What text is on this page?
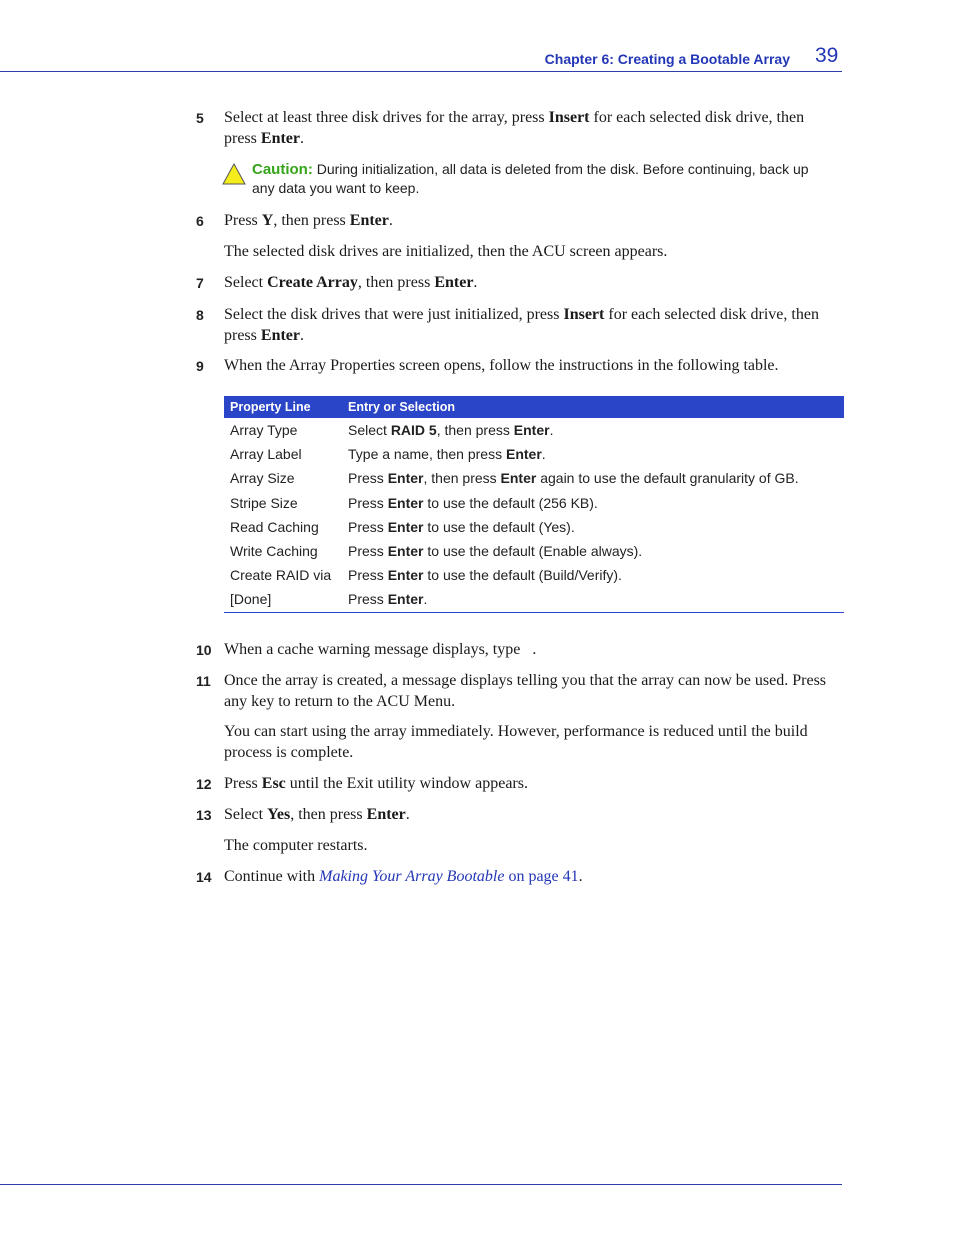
Chapter 6: Creating a Bootable Array 39
5 Select at least three disk drives for the array, press Insert for each selected disk drive, then press Enter.
Caution: During initialization, all data is deleted from the disk. Before continuing, back up any data you want to keep.
6 Press Y, then press Enter.
The selected disk drives are initialized, then the ACU screen appears.
7 Select Create Array, then press Enter.
8 Select the disk drives that were just initialized, press Insert for each selected disk drive, then press Enter.
9 When the Array Properties screen opens, follow the instructions in the following table.
Property Line	Entry or Selection
Array Type	Select RAID 5, then press Enter.
Array Label	Type a name, then press Enter.
Array Size	Press Enter, then press Enter again to use the default granularity of GB.
Stripe Size	Press Enter to use the default (256 KB).
Read Caching	Press Enter to use the default (Yes).
Write Caching	Press Enter to use the default (Enable always).
Create RAID via	Press Enter to use the default (Build/Verify).
[Done]	Press Enter.
10 When a cache warning message displays, type   .
11 Once the array is created, a message displays telling you that the array can now be used. Press any key to return to the ACU Menu.
You can start using the array immediately. However, performance is reduced until the build process is complete.
12 Press Esc until the Exit utility window appears.
13 Select Yes, then press Enter.
The computer restarts.
14 Continue with Making Your Array Bootable on page 41.
